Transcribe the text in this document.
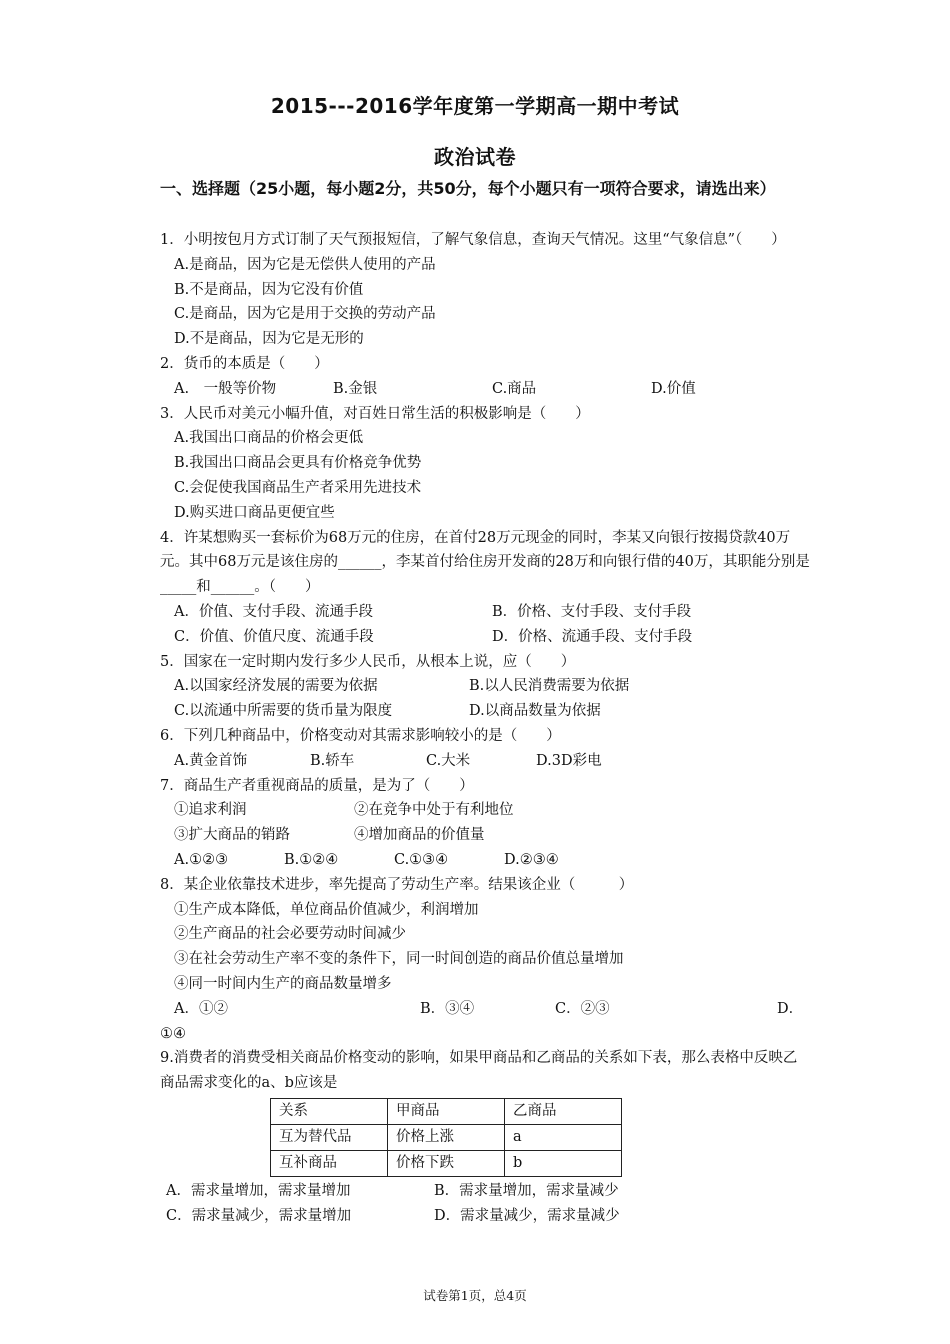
2015---2016学年度第一学期高一期中考试
政治试卷
一、选择题（25小题，每小题2分，共50分，每个小题只有一项符合要求，请选出来）

1．小明按包月方式订制了天气预报短信，了解气象信息，查询天气情况。这里“气象信息”（　　）

A.是商品，因为它是无偿供人使用的产品

B.不是商品，因为它没有价值

C.是商品，因为它是用于交换的劳动产品

D.不是商品，因为它是无形的

2．货币的本质是（　　）

A.　一般等价物	B.金银	C.商品	D.价值

3．人民币对美元小幅升值，对百姓日常生活的积极影响是（　　）

A.我国出口商品的价格会更低

B.我国出口商品会更具有价格竞争优势

C.会促使我国商品生产者采用先进技术

D.购买进口商品更便宜些

4．许某想购买一套标价为68万元的住房，在首付28万元现金的同时，李某又向银行按揭贷款40万元。其中68万元是该住房的______，李某首付给住房开发商的28万和向银行借的40万，其职能分别是_____和______。（　　）

A．价值、支付手段、流通手段	B．价格、支付手段、支付手段
C．价值、价值尺度、流通手段	D．价格、流通手段、支付手段

5．国家在一定时期内发行多少人民币，从根本上说，应（　　）

A.以国家经济发展的需要为依据	B.以人民消费需要为依据
C.以流通中所需要的货币量为限度	D.以商品数量为依据

6．下列几种商品中，价格变动对其需求影响较小的是（　　）

A.黄金首饰	B.轿车	C.大米	D.3D彩电

7．商品生产者重视商品的质量，是为了（　　）

①追求利润	②在竞争中处于有利地位
③扩大商品的销路	④增加商品的价值量
A.①②③	B.①②④	C.①③④	D.②③④

8．某企业依靠技术进步，率先提高了劳动生产率。结果该企业（　　　）

①生产成本降低，单位商品价值减少，利润增加

②生产商品的社会必要劳动时间减少

③在社会劳动生产率不变的条件下，同一时间创造的商品价值总量增加

④同一时间内生产的商品数量增多

A．①②	B．③④	C．②③	D．

①④

9.消费者的消费受相关商品价格变动的影响，如果甲商品和乙商品的关系如下表，那么表格中反映乙商品需求变化的a、b应该是

关系	甲商品	乙商品
互为替代品	价格上涨	a
互补商品	价格下跌	b
A．需求量增加，需求量增加	B．需求量增加，需求量减少
C．需求量减少，需求量增加	D．需求量减少，需求量减少
试卷第1页，总4页
